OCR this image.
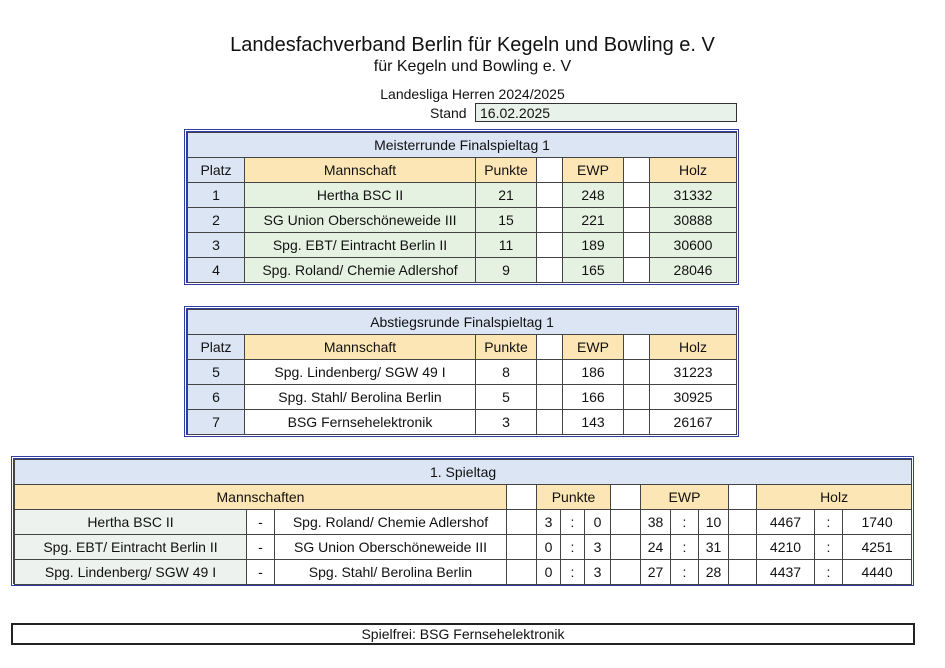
Landesfachverband Berlin für Kegeln und Bowling e. V
für Kegeln und Bowling e. V
Landesliga Herren 2024/2025
Stand 16.02.2025
Meisterrunde Finalspieltag 1						
Platz	Mannschaft	Punkte		EWP		Holz
1	Hertha BSC II	21		248		31332
2	SG Union Oberschöneweide III	15		221		30888
3	Spg. EBT/ Eintracht Berlin II	11		189		30600
4	Spg. Roland/ Chemie Adlershof	9		165		28046
Abstiegsrunde Finalspieltag 1						
Platz	Mannschaft	Punkte		EWP		Holz
5	Spg. Lindenberg/ SGW 49 I	8		186		31223
6	Spg. Stahl/ Berolina Berlin	5		166		30925
7	BSG Fernsehelektronik	3		143		26167
1. Spieltag														
Mannschaften				Punkte				EWP				Holz		
Hertha BSC II	-	Spg. Roland/ Chemie Adlershof		3	:	0		38	:	10		4467	:	1740
Spg. EBT/ Eintracht Berlin II	-	SG Union Oberschöneweide III		0	:	3		24	:	31		4210	:	4251
Spg. Lindenberg/ SGW 49 I	-	Spg. Stahl/ Berolina Berlin		0	:	3		27	:	28		4437	:	4440
Spielfrei: BSG Fernsehelektronik
